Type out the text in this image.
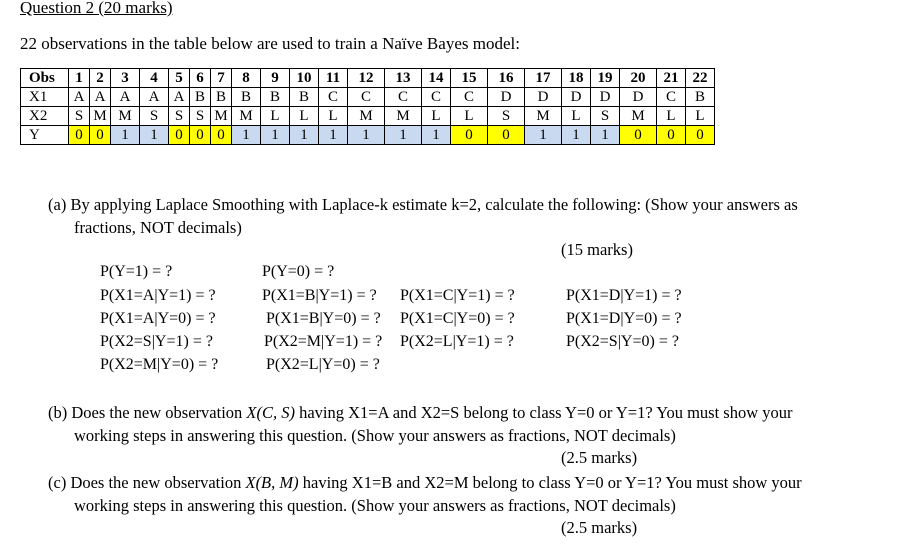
Question 2 (20 marks)
22 observations in the table below are used to train a Naïve Bayes model:
Obs	1	2	3	4	5	6	7	8	9	10	11	12	13	14	15	16	17	18	19	20	21	22
X1	A	A	A	A	A	B	B	B	B	B	C	C	C	C	C	D	D	D	D	D	C	B
X2	S	M	M	S	S	S	M	M	L	L	L	M	M	L	L	S	M	L	S	M	L	L
Y	0	0	1	1	0	0	0	1	1	1	1	1	1	1	0	0	1	1	1	0	0	0
(a) By applying Laplace Smoothing with Laplace-k estimate k=2, calculate the following: (Show your answers as
fractions, NOT decimals)
(15 marks)
P(Y=1) = ?	P(Y=0) = ?
P(X1=A|Y=1) = ?	P(X1=B|Y=1) = ? P(X1=C|Y=1) = ?	P(X1=D|Y=1) = ?
P(X1=A|Y=0) = ?	P(X1=B|Y=0) = ? P(X1=C|Y=0) = ?	P(X1=D|Y=0) = ?
P(X2=S|Y=1) = ?	P(X2=M|Y=1) = ? P(X2=L|Y=1) = ?	P(X2=S|Y=0) = ?
P(X2=M|Y=0) = ?	P(X2=L|Y=0) = ?
(b) Does the new observation X(C, S) having X1=A and X2=S belong to class Y=0 or Y=1? You must show your
working steps in answering this question. (Show your answers as fractions, NOT decimals)
(2.5 marks)
(c) Does the new observation X(B, M) having X1=B and X2=M belong to class Y=0 or Y=1? You must show your
working steps in answering this question. (Show your answers as fractions, NOT decimals)
(2.5 marks)
